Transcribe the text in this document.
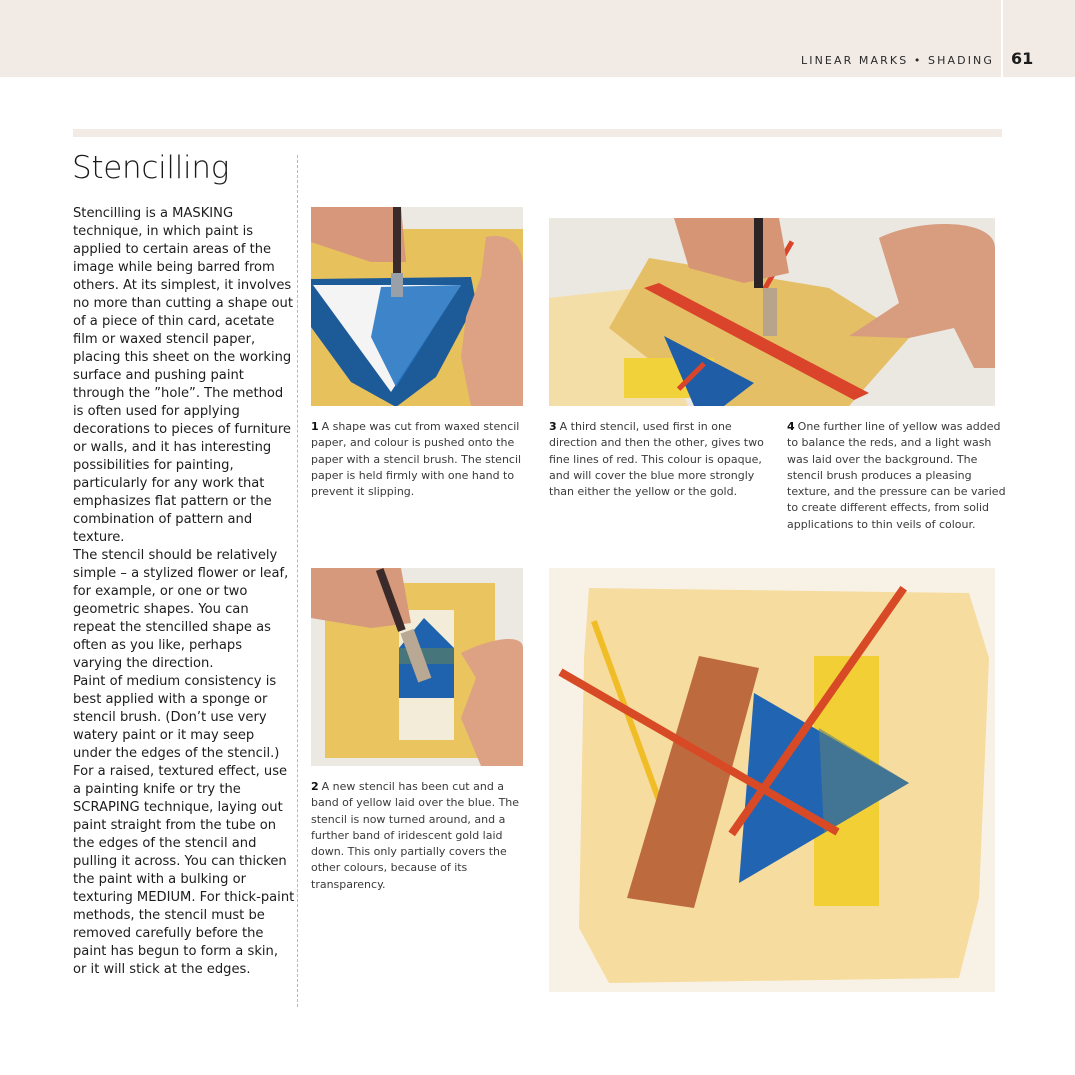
LINEAR MARKS • SHADING 61
Stencilling

Stencilling is a MASKING technique, in which paint is applied to certain areas of the image while being barred from others. At its simplest, it involves no more than cutting a shape out of a piece of thin card, acetate film or waxed stencil paper, placing this sheet on the working surface and pushing paint through the ”hole”. The method is often used for applying decorations to pieces of furniture or walls, and it has interesting possibilities for painting, particularly for any work that emphasizes flat pattern or the combination of pattern and texture.

The stencil should be relatively simple – a stylized flower or leaf, for example, or one or two geometric shapes. You can repeat the stencilled shape as often as you like, perhaps varying the direction.

Paint of medium consistency is best applied with a sponge or stencil brush. (Don’t use very watery paint or it may seep under the edges of the stencil.) For a raised, textured effect, use a painting knife or try the SCRAPING technique, laying out paint straight from the tube on the edges of the stencil and pulling it across. You can thicken the paint with a bulking or texturing MEDIUM. For thick-paint methods, the stencil must be removed carefully before the paint has begun to form a skin, or it will stick at the edges.

1 A shape was cut from waxed stencil paper, and colour is pushed onto the paper with a stencil brush. The stencil paper is held firmly with one hand to prevent it slipping.
2 A new stencil has been cut and a band of yellow laid over the blue. The stencil is now turned around, and a further band of iridescent gold laid down. This only partially covers the other colours, because of its transparency.
3 A third stencil, used first in one direction and then the other, gives two fine lines of red. This colour is opaque, and will cover the blue more strongly than either the yellow or the gold.
4 One further line of yellow was added to balance the reds, and a light wash was laid over the background. The stencil brush produces a pleasing texture, and the pressure can be varied to create different effects, from solid applications to thin veils of colour.
